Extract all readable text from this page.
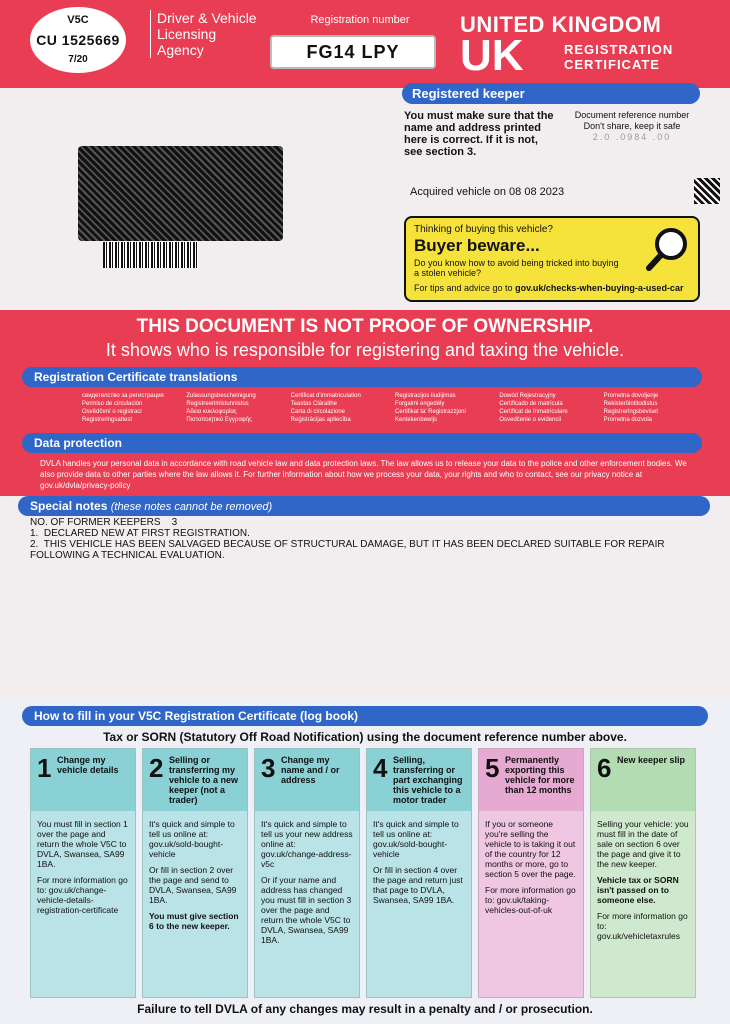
V5C
CU 1525669
7/20
Driver & Vehicle
Licensing
Agency
Registration number
FG14 LPY
UNITED KINGDOM
UK	REGISTRATION
CERTIFICATE
Registered keeper
You must make sure that the name and address printed here is correct. If it is not, see section 3.
Document reference number
Don't share, keep it safe
2.0 .0984 .00
Acquired vehicle on 08 08 2023
Thinking of buying this vehicle?
Buyer beware...
Do you know how to avoid being tricked into buying a stolen vehicle?
For tips and advice go to gov.uk/checks-when-buying-a-used-car
THIS DOCUMENT IS NOT PROOF OF OWNERSHIP.
It shows who is responsible for registering and taxing the vehicle.
Registration Certificate translations
свидетелство за регистрация	Zulassungsbescheinigung	Certificat d'immatriculation	Registracijos liudijimas	Dowód Rejestracyjny	Prometna dovoljenje
Permiso de circulación	Registreerimistunnistus	Teastas Cláraithe	Forgalmi engedély	Certificado de matrícula	Rekisteröintitodistus
Osvědčení o registraci	Άδεια κυκλοφορίας	Carta di circolazione	Certifikat ta' Registrazzjoni	Certificat de înmatriculare	Registreringsbeviset
Registreringsattest	Πιστοποιητικό Εγγραφής	Reģistrācijas apliecība	Kentekenbewijs	Osvedčenie o evidencii	Prometna dozvola
Data protection
DVLA handles your personal data in accordance with road vehicle law and data protection laws. The law allows us to release your data to the police and other enforcement bodies. We also provide data to other parties where the law allows it. For further information about how we process your data, your rights and who to contact, see our privacy notice at gov.uk/dvla/privacy-policy
Special notes (these notes cannot be removed)
NO. OF FORMER KEEPERS    3
1.  DECLARED NEW AT FIRST REGISTRATION.
2.  THIS VEHICLE HAS BEEN SALVAGED BECAUSE OF STRUCTURAL DAMAGE, BUT IT HAS BEEN DECLARED SUITABLE FOR REPAIR FOLLOWING A TECHNICAL EVALUATION.
How to fill in your V5C Registration Certificate (log book)
Tax or SORN (Statutory Off Road Notification) using the document reference number above.
1 Change my vehicle details

You must fill in section 1 over the page and return the whole V5C to DVLA, Swansea, SA99 1BA.

For more information go to: gov.uk/change-vehicle-details-registration-certificate

2 Selling or transferring my vehicle to a new keeper (not a trader)

It's quick and simple to tell us online at: gov.uk/sold-bought-vehicle

Or fill in section 2 over the page and send to DVLA, Swansea, SA99 1BA.

You must give section 6 to the new keeper.

3 Change my name and / or address

It's quick and simple to tell us your new address online at: gov.uk/change-address-v5c

Or if your name and address has changed you must fill in section 3 over the page and return the whole V5C to DVLA, Swansea, SA99 1BA.

4 Selling, transferring or part exchanging this vehicle to a motor trader

It's quick and simple to tell us online at: gov.uk/sold-bought-vehicle

Or fill in section 4 over the page and return just that page to DVLA, Swansea, SA99 1BA.

5 Permanently exporting this vehicle for more than 12 months

If you or someone you're selling the vehicle to is taking it out of the country for 12 months or more, go to section 5 over the page.

For more information go to: gov.uk/taking-vehicles-out-of-uk

6 New keeper slip

Selling your vehicle: you must fill in the date of sale on section 6 over the page and give it to the new keeper.

Vehicle tax or SORN isn't passed on to someone else.

For more information go to: gov.uk/vehicletaxrules

Failure to tell DVLA of any changes may result in a penalty and / or prosecution.
